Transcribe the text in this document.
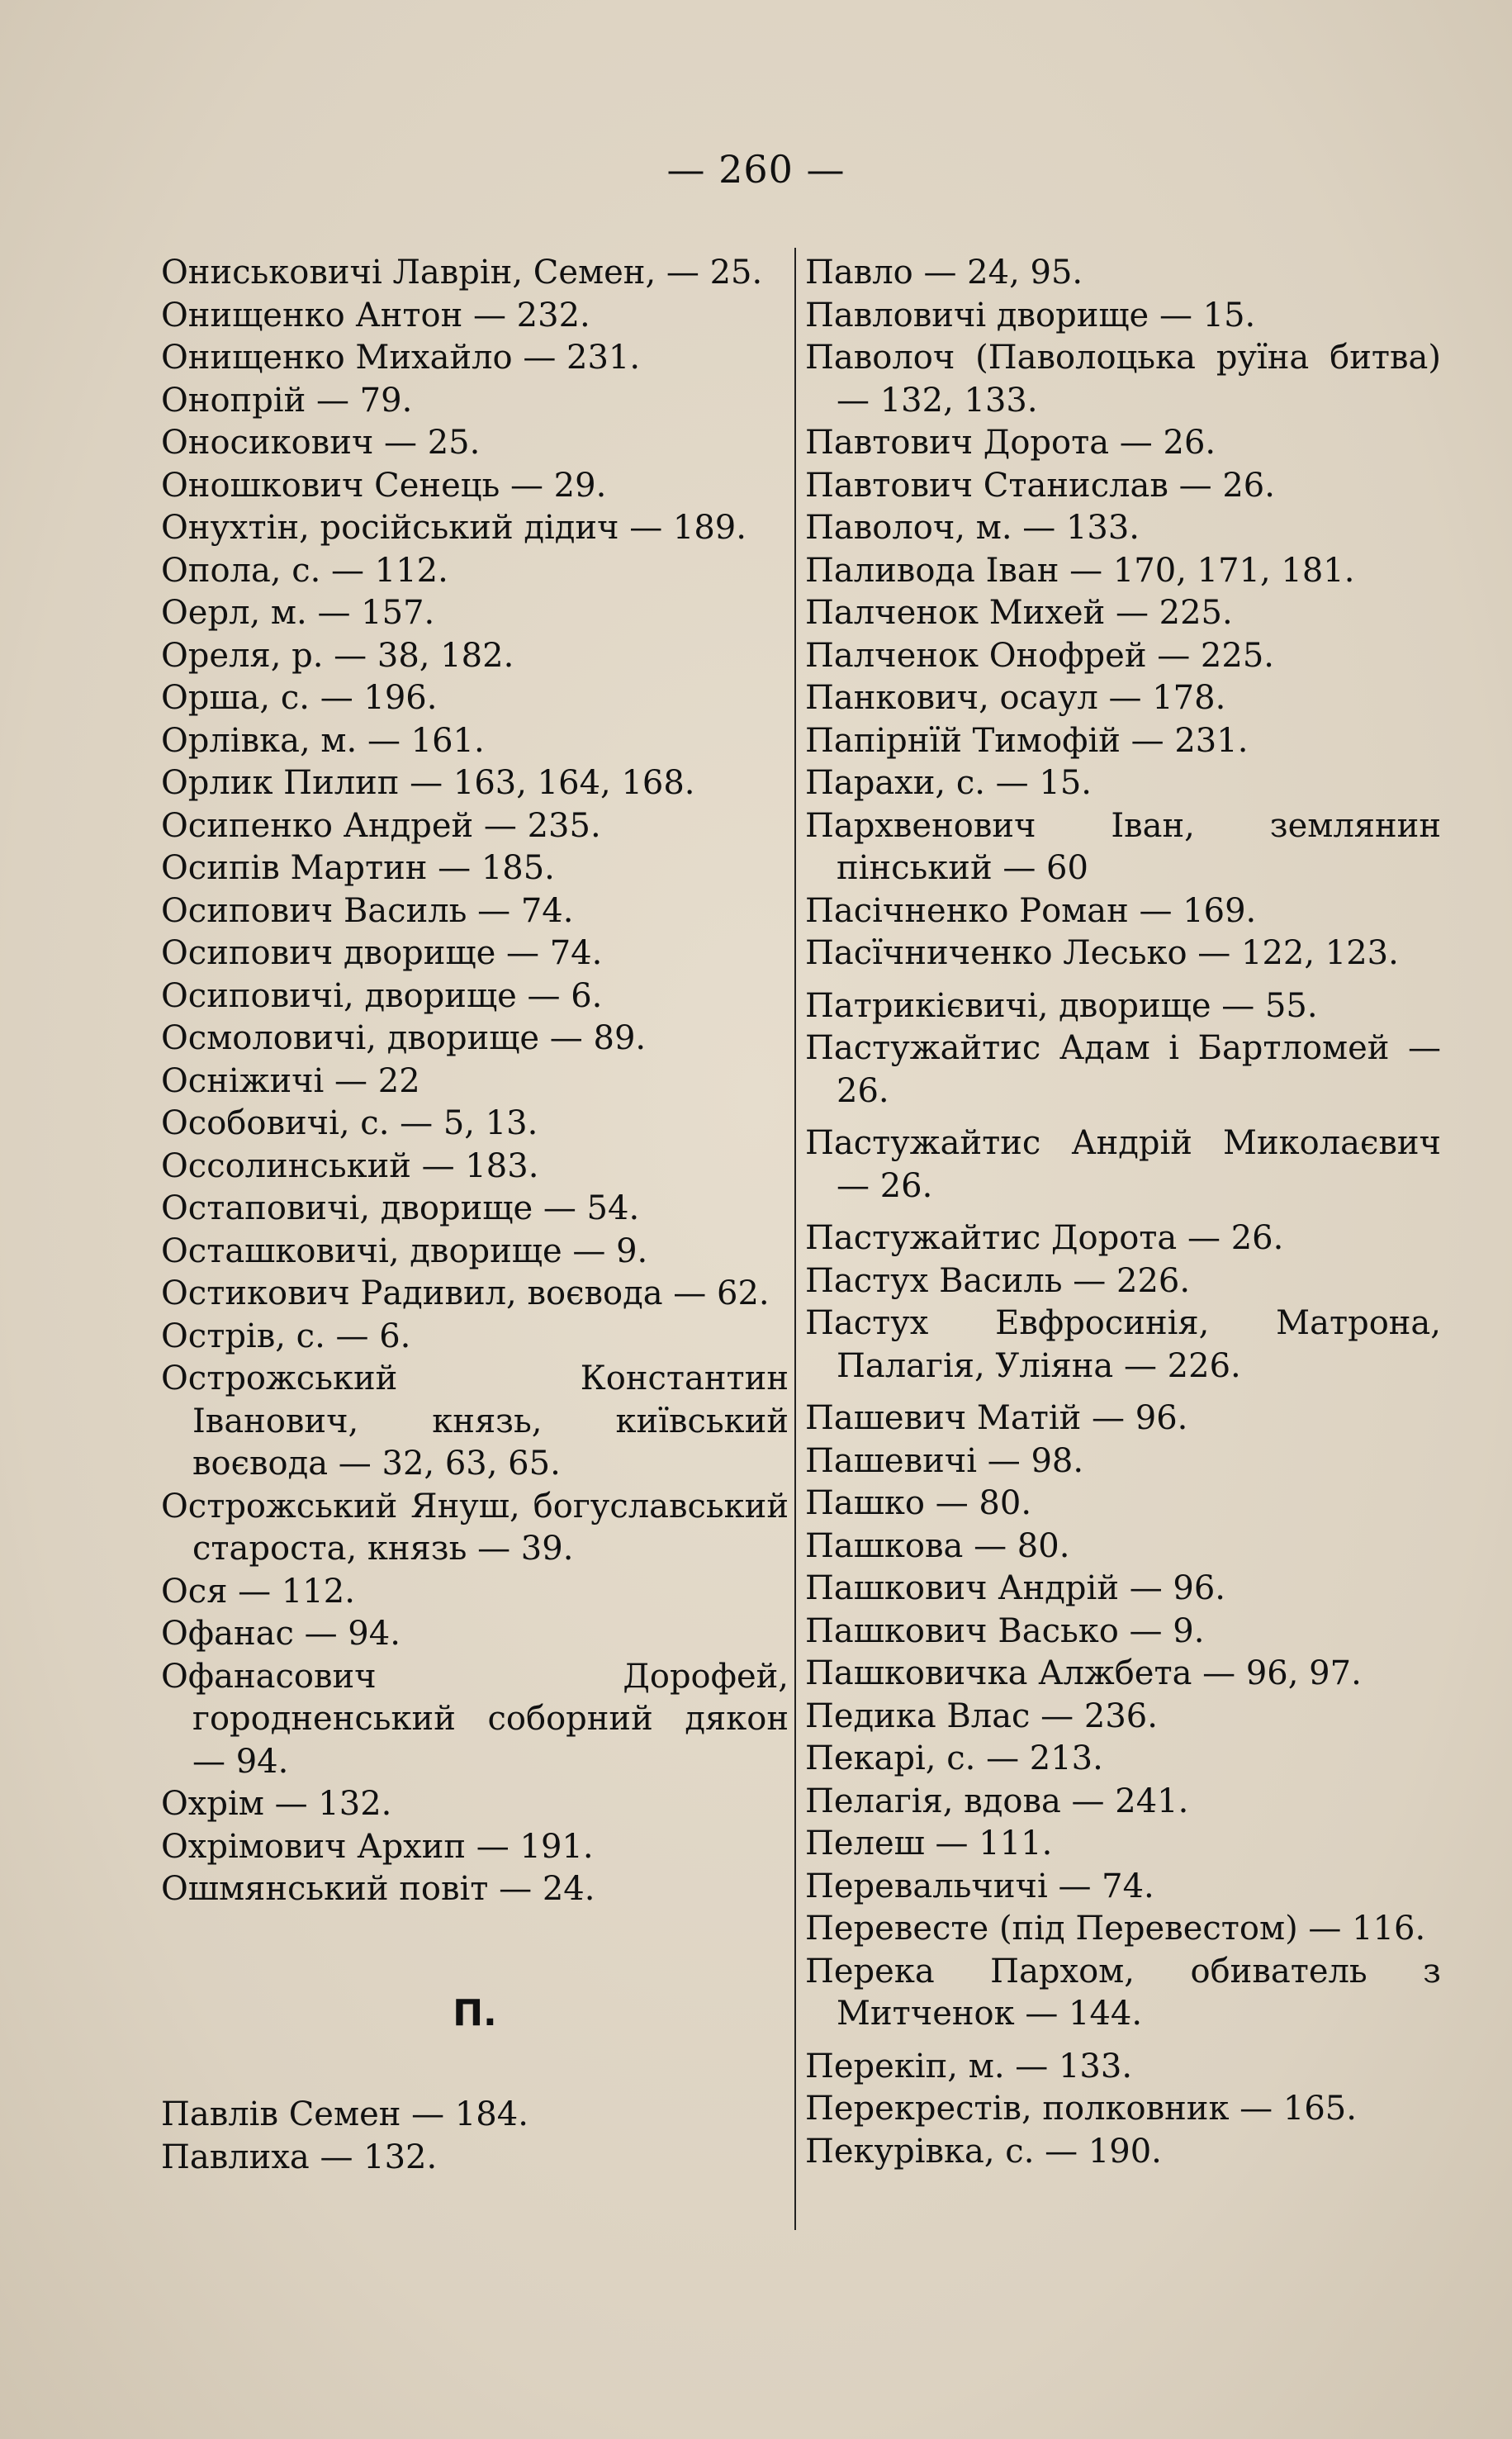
— 260 —

Ониськовичі Лаврін, Семен, — 25.

Онищенко Антон — 232.

Онищенко Михайло — 231.

Онопрій — 79.

Оносикович — 25.

Оношкович Сенець — 29.

Онухтін, російський дідич — 189.

Опола, с. — 112.

Оерл, м. — 157.

Ореля, р. — 38, 182.

Орша, с. — 196.

Орлівка, м. — 161.

Орлик Пилип — 163, 164, 168.

Осипенко Андрей — 235.

Осипів Мартин — 185.

Осипович Василь — 74.

Осипович дворище — 74.

Осиповичі, дворище — 6.

Осмоловичі, дворище — 89.

Осніжичі — 22

Особовичі, с. — 5, 13.

Оссолинський — 183.

Остаповичі, дворище — 54.

Осташковичі, дворище — 9.

Остикович Радивил, воєвода — 62.

Острів, с. — 6.

Острожський Константин Іванович, князь, київський воєвода — 32, 63, 65.

Острожський Януш, богуславський староста, князь — 39.

Ося — 112.

Офанас — 94.

Офанасович Дорофей, городненський соборний дякон — 94.

Охрім — 132.

Охрімович Архип — 191.

Ошмянський повіт — 24.

П.

Павлів Семен — 184.

Павлиха — 132.

Павло — 24, 95.

Павловичі дворище — 15.

Паволоч (Паволоцька руїна битва) — 132, 133.

Павтович Дорота — 26.

Павтович Станислав — 26.

Паволоч, м. — 133.

Паливода Іван — 170, 171, 181.

Палченок Михей — 225.

Палченок Онофрей — 225.

Панкович, осаул — 178.

Папірнїй Тимофій — 231.

Парахи, с. — 15.

Пархвенович Іван, землянин пінський — 60

Пасічненко Роман — 169.

Пасїчниченко Лесько — 122, 123.

Патрикієвичі, дворище — 55.

Пастужайтис Адам і Бартломей — 26.

Пастужайтис Андрій Миколаєвич — 26.

Пастужайтис Дорота — 26.

Пастух Василь — 226.

Пастух Евфросинія, Матрона, Палагія, Уліяна — 226.

Пашевич Матій — 96.

Пашевичі — 98.

Пашко — 80.

Пашкова — 80.

Пашкович Андрій — 96.

Пашкович Васько — 9.

Пашковичка Алжбета — 96, 97.

Педика Влас — 236.

Пекарі, с. — 213.

Пелагія, вдова — 241.

Пелеш — 111.

Перевальчичі — 74.

Перевесте (під Перевестом) — 116.

Перека Пархом, обиватель з Митченок — 144.

Перекіп, м. — 133.

Перекрестів, полковник — 165.

Пекурівка, с. — 190.
